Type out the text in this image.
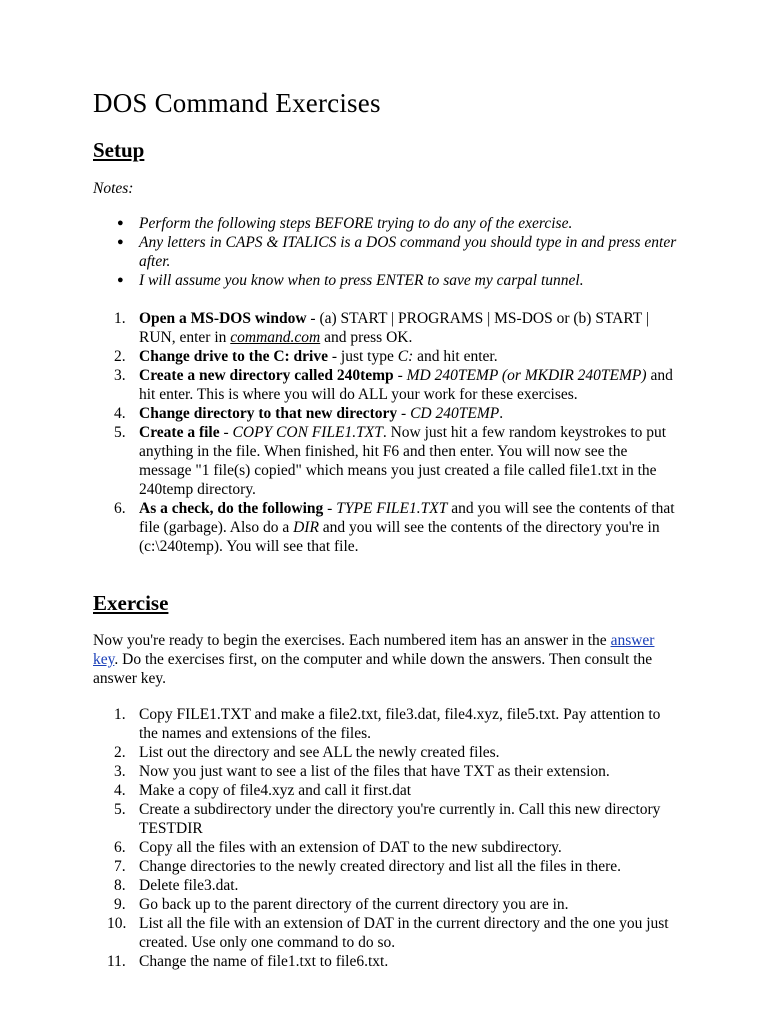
DOS Command Exercises
Setup

Notes:

● Perform the following steps BEFORE trying to do any of the exercise.
● Any letters in CAPS & ITALICS is a DOS command you should type in and press enter after.
● I will assume you know when to press ENTER to save my carpal tunnel.
1. Open a MS-DOS window - (a) START | PROGRAMS | MS-DOS or (b) START | RUN, enter in command.com and press OK.
2. Change drive to the C: drive - just type C: and hit enter.
3. Create a new directory called 240temp - MD 240TEMP (or MKDIR 240TEMP) and hit enter. This is where you will do ALL your work for these exercises.
4. Change directory to that new directory - CD 240TEMP.
5. Create a file - COPY CON FILE1.TXT. Now just hit a few random keystrokes to put anything in the file. When finished, hit F6 and then enter. You will now see the message "1 file(s) copied" which means you just created a file called file1.txt in the 240temp directory.
6. As a check, do the following - TYPE FILE1.TXT and you will see the contents of that file (garbage). Also do a DIR and you will see the contents of the directory you're in (c:\240temp). You will see that file.
Exercise

Now you're ready to begin the exercises. Each numbered item has an answer in the answer key. Do the exercises first, on the computer and while down the answers. Then consult the answer key.

1. Copy FILE1.TXT and make a file2.txt, file3.dat, file4.xyz, file5.txt. Pay attention to the names and extensions of the files.
2. List out the directory and see ALL the newly created files.
3. Now you just want to see a list of the files that have TXT as their extension.
4. Make a copy of file4.xyz and call it first.dat
5. Create a subdirectory under the directory you're currently in. Call this new directory TESTDIR
6. Copy all the files with an extension of DAT to the new subdirectory.
7. Change directories to the newly created directory and list all the files in there.
8. Delete file3.dat.
9. Go back up to the parent directory of the current directory you are in.
10. List all the file with an extension of DAT in the current directory and the one you just created. Use only one command to do so.
11. Change the name of file1.txt to file6.txt.
